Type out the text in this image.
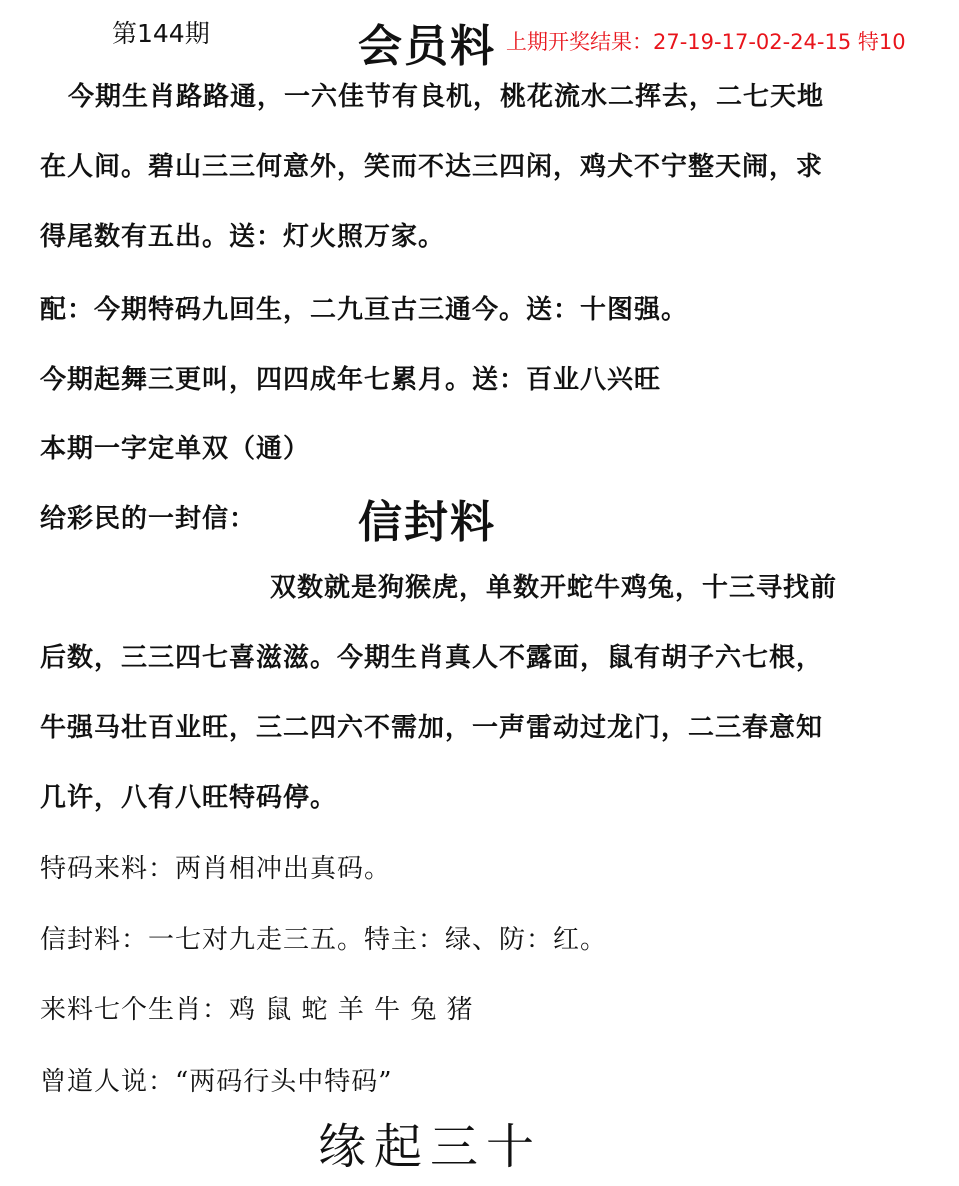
第144期	会员料 上期开奖结果：27-19-17-02-24-15 特10
今期生肖路路通，一六佳节有良机，桃花流水二挥去，二七天地
在人间。碧山三三何意外，笑而不达三四闲，鸡犬不宁整天闹，求
得尾数有五出。送：灯火照万家。
配：今期特码九回生，二九亘古三通今。送：十图强。
今期起舞三更叫，四四成年七累月。送：百业八兴旺
本期一字定单双（通）
给彩民的一封信： 信封料
双数就是狗猴虎，单数开蛇牛鸡兔，十三寻找前
后数，三三四七喜滋滋。今期生肖真人不露面，鼠有胡子六七根，
牛强马壮百业旺，三二四六不需加，一声雷动过龙门，二三春意知
几许，八有八旺特码停。
特码来料：两肖相冲出真码。
信封料：一七对九走三五。特主：绿、防：红。
来料七个生肖：鸡 鼠 蛇 羊 牛 兔 猪
曾道人说：“两码行头中特码”
缘起三十
